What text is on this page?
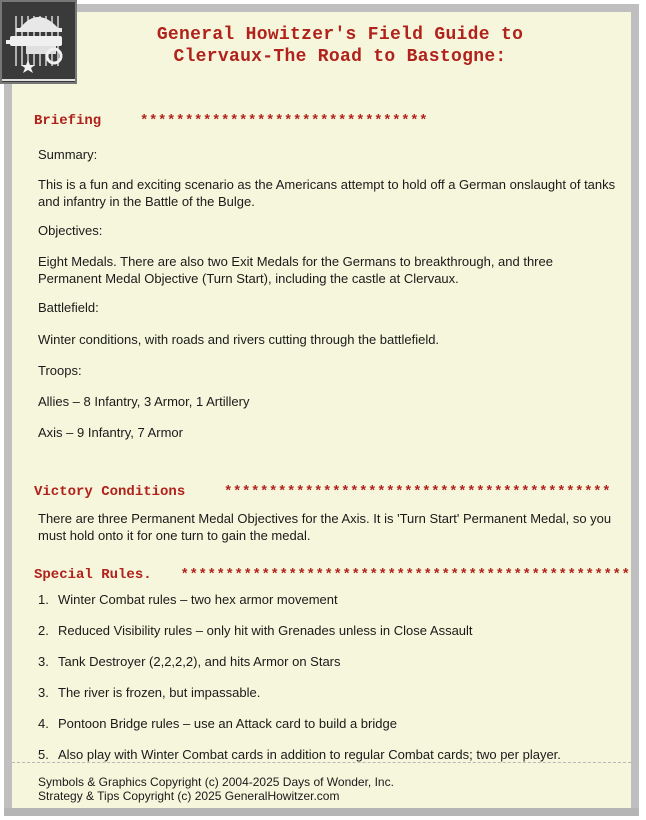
General Howitzer's Field Guide to
Clervaux-The Road to Bastogne:
Briefing	********************************
Summary:
This is a fun and exciting scenario as the Americans attempt to hold off a German onslaught of tanks and infantry in the Battle of the Bulge.
Objectives:
Eight Medals. There are also two Exit Medals for the Germans to breakthrough, and three Permanent Medal Objective (Turn Start), including the castle at Clervaux.
Battlefield:
Winter conditions, with roads and rivers cutting through the battlefield.
Troops:
Allies – 8 Infantry, 3 Armor, 1 Artillery
Axis – 9 Infantry, 7 Armor
Victory Conditions	*******************************************
There are three Permanent Medal Objectives for the Axis. It is 'Turn Start' Permanent Medal, so you must hold onto it for one turn to gain the medal.
Special Rules. **************************************************
1. Winter Combat rules – two hex armor movement
2. Reduced Visibility rules – only hit with Grenades unless in Close Assault
3. Tank Destroyer (2,2,2,2), and hits Armor on Stars
3. The river is frozen, but impassable.
4. Pontoon Bridge rules – use an Attack card to build a bridge
5. Also play with Winter Combat cards in addition to regular Combat cards; two per player.
Symbols & Graphics Copyright (c) 2004-2025 Days of Wonder, Inc.
Strategy & Tips Copyright (c) 2025 GeneralHowitzer.com
